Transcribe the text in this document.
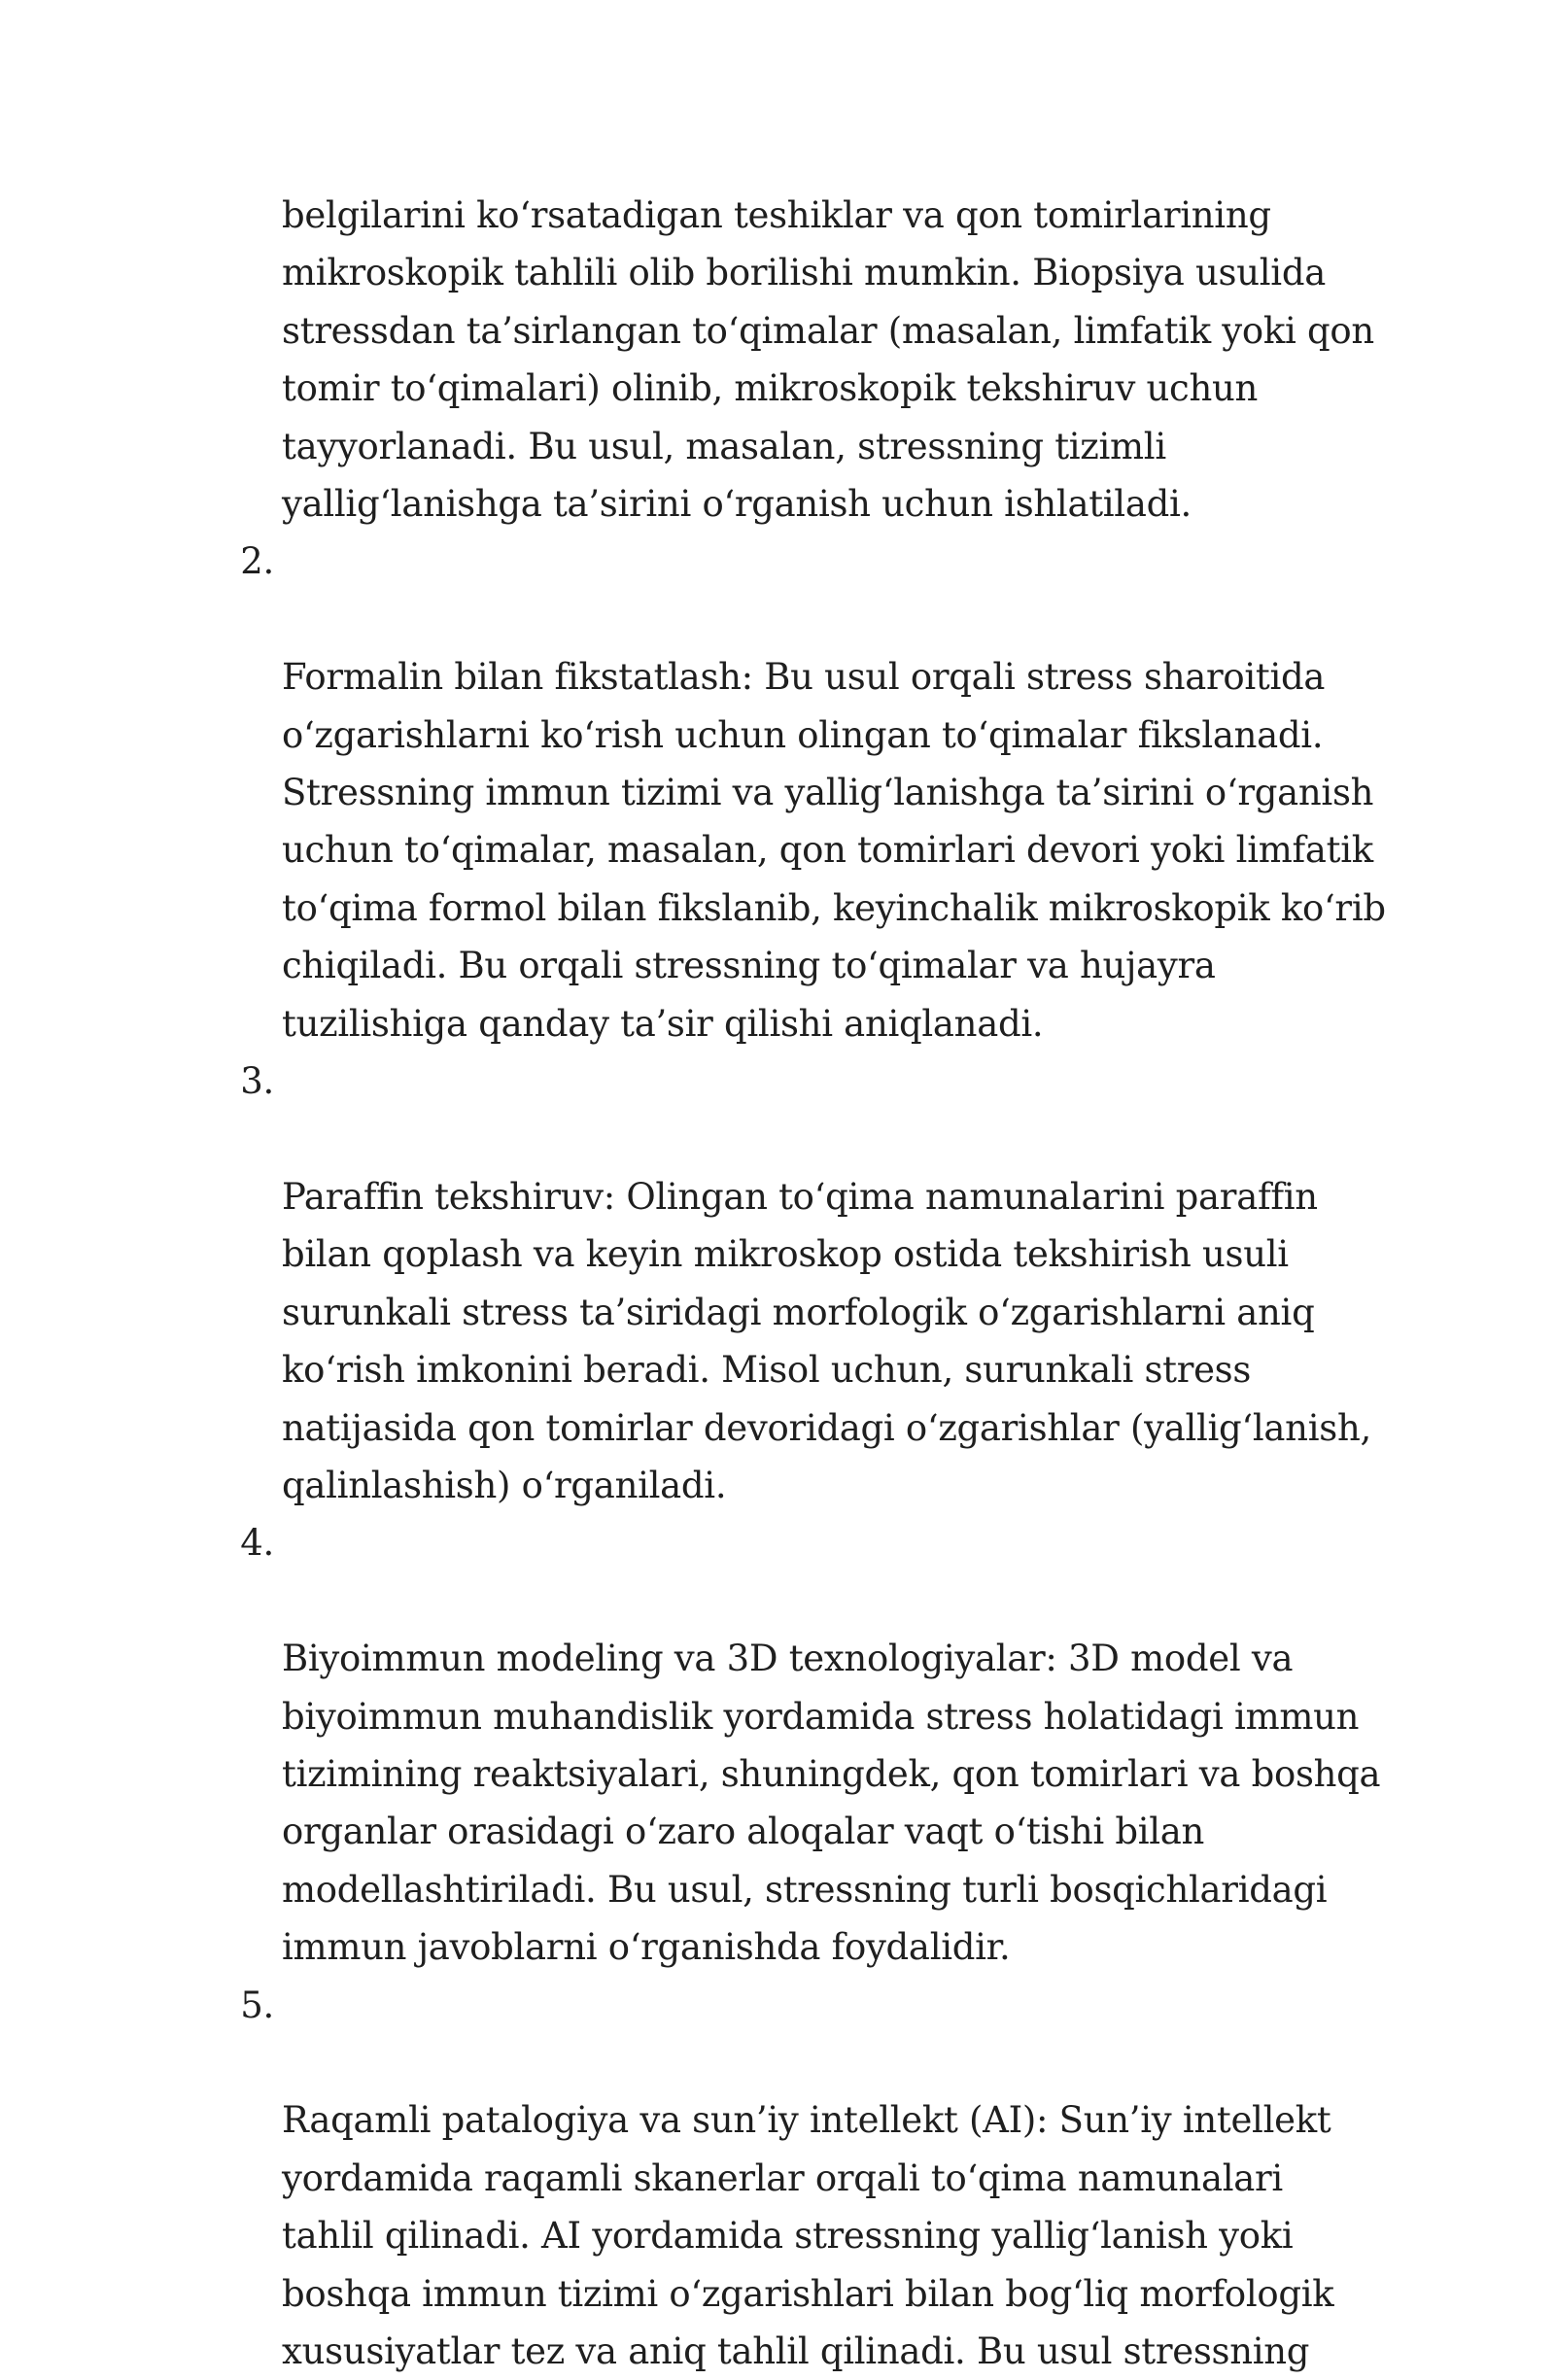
belgilarini ko‘rsatadigan teshiklar va qon tomirlarining
mikroskopik tahlili olib borilishi mumkin. Biopsiya usulida
stressdan ta’sirlangan to‘qimalar (masalan, limfatik yoki qon
tomir to‘qimalari) olinib, mikroskopik tekshiruv uchun
tayyorlanadi. Bu usul, masalan, stressning tizimli
yallig‘lanishga ta’sirini o‘rganish uchun ishlatiladi.

2.

Formalin bilan fikstatlash: Bu usul orqali stress sharoitida
o‘zgarishlarni ko‘rish uchun olingan to‘qimalar fikslanadi.
Stressning immun tizimi va yallig‘lanishga ta’sirini o‘rganish
uchun to‘qimalar, masalan, qon tomirlari devori yoki limfatik
to‘qima formol bilan fikslanib, keyinchalik mikroskopik ko‘rib
chiqiladi. Bu orqali stressning to‘qimalar va hujayra
tuzilishiga qanday ta’sir qilishi aniqlanadi.

3.

Paraffin tekshiruv: Olingan to‘qima namunalarini paraffin
bilan qoplash va keyin mikroskop ostida tekshirish usuli
surunkali stress ta’siridagi morfologik o‘zgarishlarni aniq
ko‘rish imkonini beradi. Misol uchun, surunkali stress
natijasida qon tomirlar devoridagi o‘zgarishlar (yallig‘lanish,
qalinlashish) o‘rganiladi.

4.

Biyoimmun modeling va 3D texnologiyalar: 3D model va
biyoimmun muhandislik yordamida stress holatidagi immun
tizimining reaktsiyalari, shuningdek, qon tomirlari va boshqa
organlar orasidagi o‘zaro aloqalar vaqt o‘tishi bilan
modellashtiriladi. Bu usul, stressning turli bosqichlaridagi
immun javoblarni o‘rganishda foydalidir.

5.

Raqamli patalogiya va sun’iy intellekt (AI): Sun’iy intellekt
yordamida raqamli skanerlar orqali to‘qima namunalari
tahlil qilinadi. AI yordamida stressning yallig‘lanish yoki
boshqa immun tizimi o‘zgarishlari bilan bog‘liq morfologik
xususiyatlar tez va aniq tahlil qilinadi. Bu usul stressning
